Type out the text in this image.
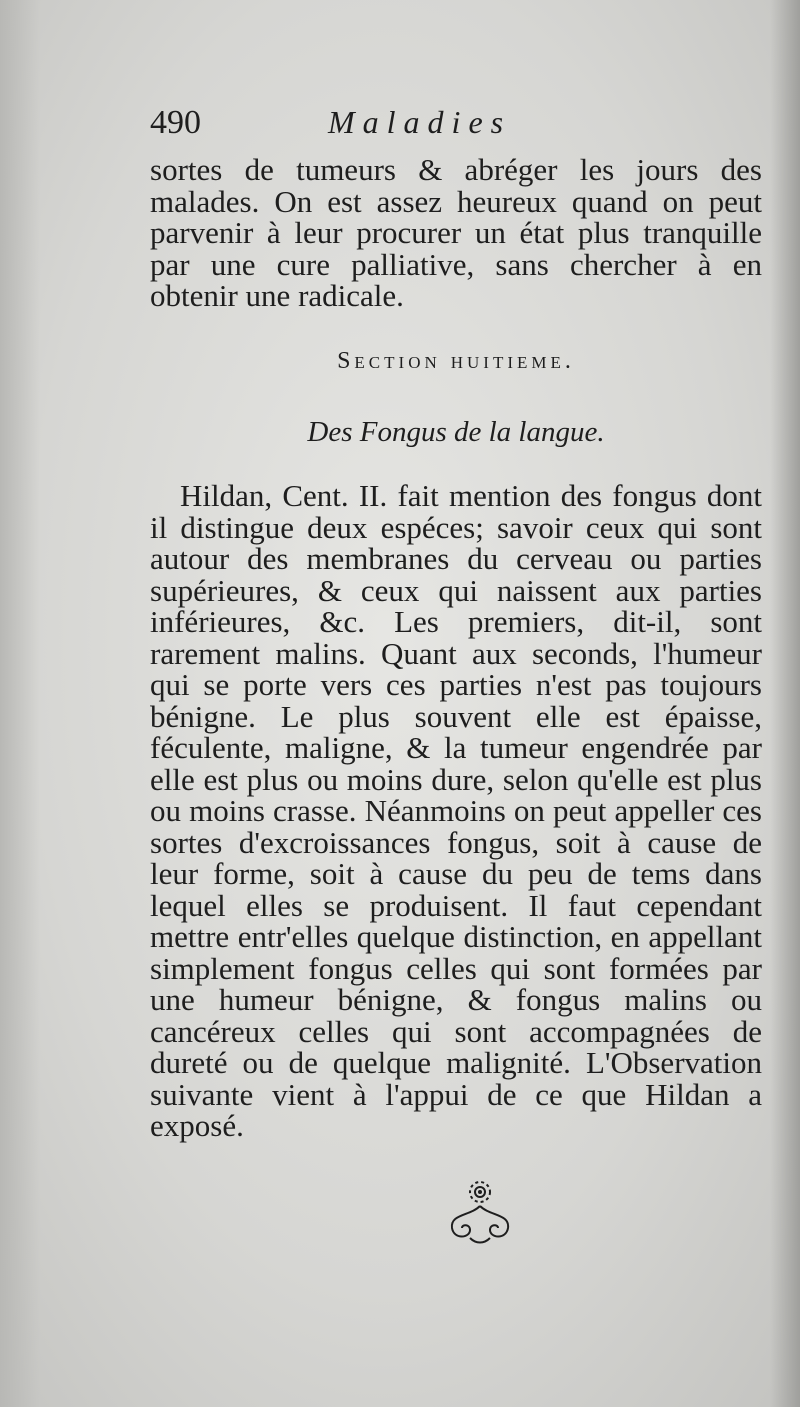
490	Maladies

sortes de tumeurs & abréger les jours des malades. On est assez heureux quand on peut parvenir à leur procurer un état plus tranquille par une cure palliative, sans chercher à en obtenir une radicale.

Section huitieme.
Des Fongus de la langue.

Hildan, Cent. II. fait mention des fongus dont il distingue deux espéces; savoir ceux qui sont autour des membranes du cerveau ou parties supérieures, & ceux qui naissent aux parties inférieures, &c. Les premiers, dit-il, sont rarement malins. Quant aux seconds, l'humeur qui se porte vers ces parties n'est pas toujours bénigne. Le plus souvent elle est épaisse, féculente, maligne, & la tumeur engendrée par elle est plus ou moins dure, selon qu'elle est plus ou moins crasse. Néanmoins on peut appeller ces sortes d'excroissances fongus, soit à cause de leur forme, soit à cause du peu de tems dans lequel elles se produisent. Il faut cependant mettre entr'elles quelque distinction, en appellant simplement fongus celles qui sont formées par une humeur bénigne, & fongus malins ou cancéreux celles qui sont accompagnées de dureté ou de quelque malignité. L'Observation suivante vient à l'appui de ce que Hildan a exposé.
